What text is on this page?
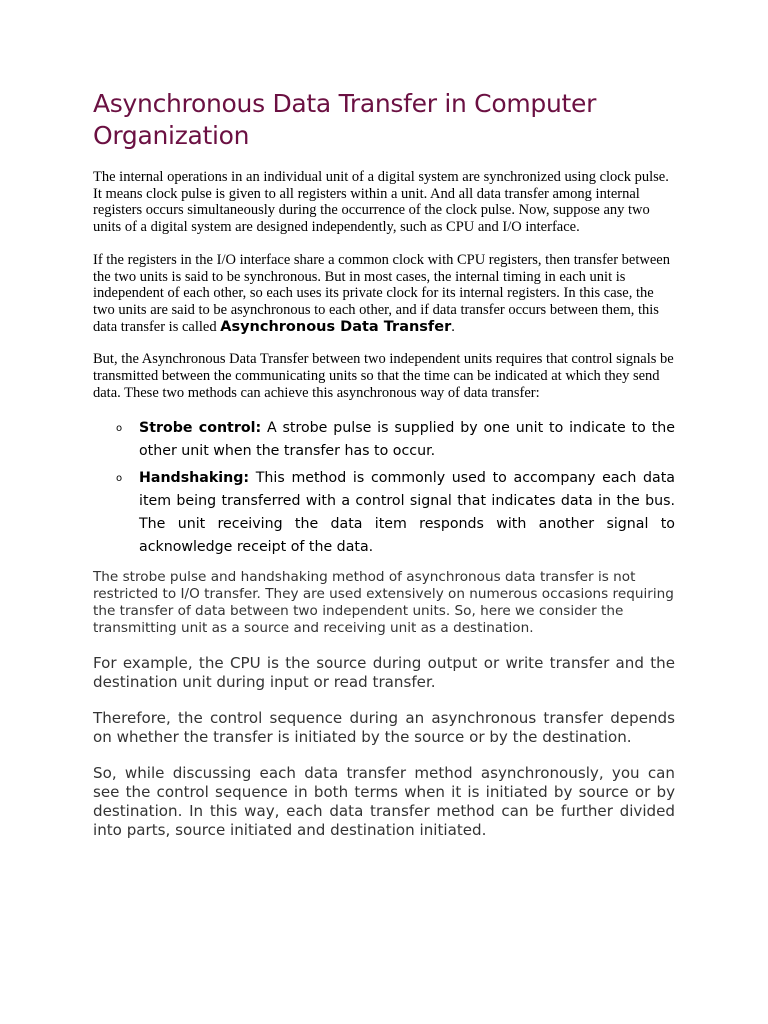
Asynchronous Data Transfer in Computer Organization

The internal operations in an individual unit of a digital system are synchronized using clock pulse. It means clock pulse is given to all registers within a unit. And all data transfer among internal registers occurs simultaneously during the occurrence of the clock pulse. Now, suppose any two units of a digital system are designed independently, such as CPU and I/O interface.

If the registers in the I/O interface share a common clock with CPU registers, then transfer between the two units is said to be synchronous. But in most cases, the internal timing in each unit is independent of each other, so each uses its private clock for its internal registers. In this case, the two units are said to be asynchronous to each other, and if data transfer occurs between them, this data transfer is called Asynchronous Data Transfer.

But, the Asynchronous Data Transfer between two independent units requires that control signals be transmitted between the communicating units so that the time can be indicated at which they send data. These two methods can achieve this asynchronous way of data transfer:

o Strobe control: A strobe pulse is supplied by one unit to indicate to the other unit when the transfer has to occur.
o Handshaking: This method is commonly used to accompany each data item being transferred with a control signal that indicates data in the bus. The unit receiving the data item responds with another signal to acknowledge receipt of the data.

The strobe pulse and handshaking method of asynchronous data transfer is not restricted to I/O transfer. They are used extensively on numerous occasions requiring the transfer of data between two independent units. So, here we consider the transmitting unit as a source and receiving unit as a destination.

For example, the CPU is the source during output or write transfer and the destination unit during input or read transfer.

Therefore, the control sequence during an asynchronous transfer depends on whether the transfer is initiated by the source or by the destination.

So, while discussing each data transfer method asynchronously, you can see the control sequence in both terms when it is initiated by source or by destination. In this way, each data transfer method can be further divided into parts, source initiated and destination initiated.
